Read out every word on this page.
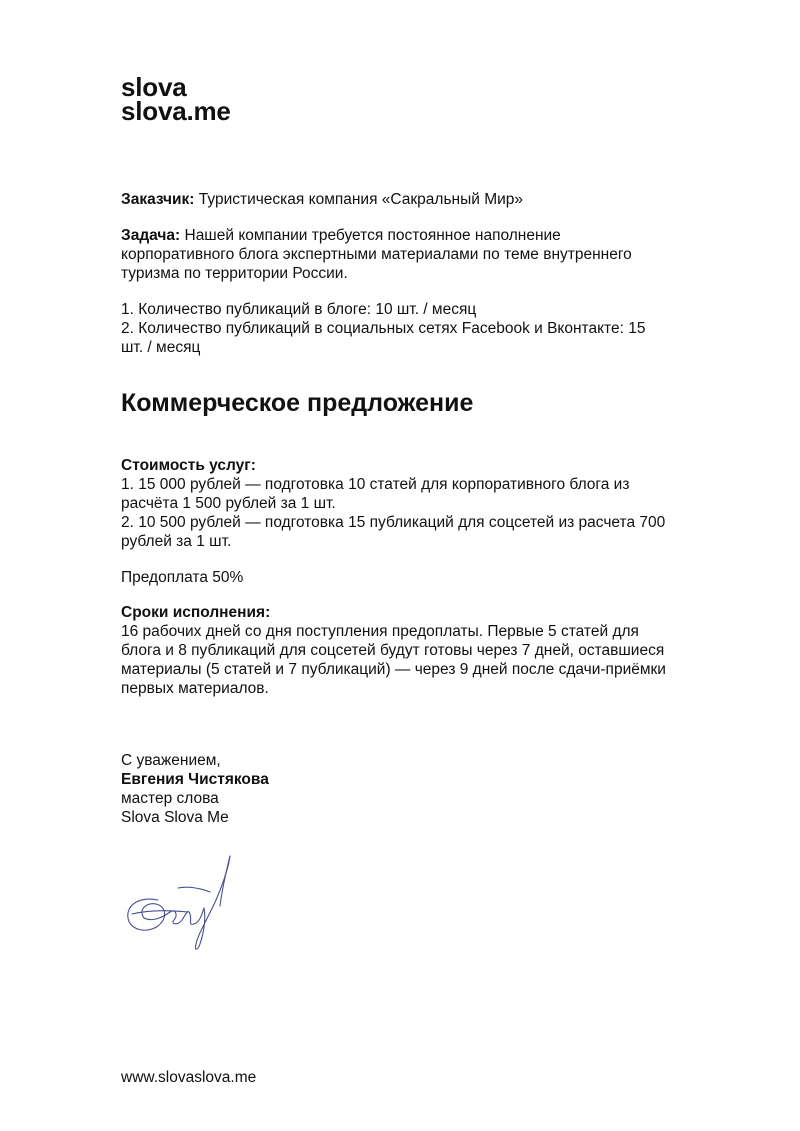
slova
slova.me

Заказчик: Туристическая компания «Сакральный Мир»

Задача: Нашей компании требуется постоянное наполнение корпоративного блога экспертными материалами по теме внутреннего туризма по территории России.

1. Количество публикаций в блоге: 10 шт. / месяц

2. Количество публикаций в социальных сетях Facebook и Вконтакте: 15 шт. / месяц

Коммерческое предложение

Стоимость услуг:

1. 15 000 рублей — подготовка 10 статей для корпоративного блога из расчёта 1 500 рублей за 1 шт.

2. 10 500 рублей — подготовка 15 публикаций для соцсетей из расчета 700 рублей за 1 шт.

Предоплата 50%

Сроки исполнения:

16 рабочих дней со дня поступления предоплаты. Первые 5 статей для блога и 8 публикаций для соцсетей будут готовы через 7 дней, оставшиеся материалы (5 статей и 7 публикаций) — через 9 дней после сдачи-приёмки первых материалов.

С уважением,

Евгения Чистякова

мастер слова

Slova Slova Me

www.slovaslova.me
